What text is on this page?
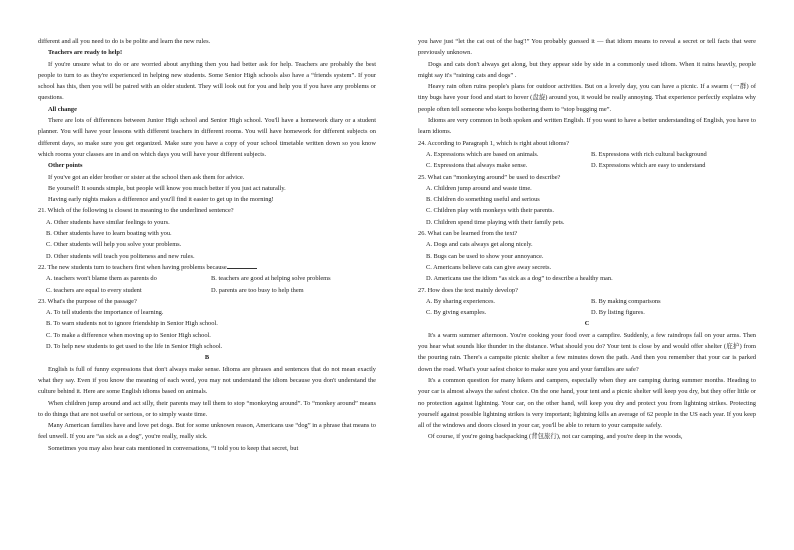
different and all you need to do is be polite and learn the new rules.

Teachers are ready to help!

If you're unsure what to do or are worried about anything then you had better ask for help. Teachers are probably the best people to turn to as they're experienced in helping new students. Some Senior High schools also have a “friends system”. If your school has this, then you will be paired with an older student. They will look out for you and help you if you have any problems or questions.

All change

There are lots of differences between Junior High school and Senior High school. You'll have a homework diary or a student planner. You will have your lessons with different teachers in different rooms. You will have homework for different subjects on different days, so make sure you get organized. Make sure you have a copy of your school timetable written down so you know which rooms your classes are in and on which days you will have your different subjects.

Other points

If you've got an elder brother or sister at the school then ask them for advice.

Be yourself! It sounds simple, but people will know you much better if you just act naturally.

Having early nights makes a difference and you'll find it easier to get up in the morning!

21. Which of the following is closest in meaning to the underlined sentence?

A. Other students have similar feelings to yours.

B. Other students have to learn boating with you.

C. Other students will help you solve your problems.

D. Other students will teach you politeness and new rules.

22. The new students turn to teachers first when having problems because

A. teachers won't blame them as parents do	B. teachers are good at helping solve problems
C. teachers are equal to every student	D. parents are too busy to help them

23. What's the purpose of the passage?

A. To tell students the importance of learning.

B. To warn students not to ignore friendship in Senior High school.

C. To make a difference when moving up to Senior High school.

D. To help new students to get used to the life in Senior High school.

B

English is full of funny expressions that don't always make sense. Idioms are phrases and sentences that do not mean exactly what they say. Even if you know the meaning of each word, you may not understand the idiom because you don't understand the culture behind it. Here are some English idioms based on animals.

When children jump around and act silly, their parents may tell them to stop “monkeying around”. To “monkey around” means to do things that are not useful or serious, or to simply waste time.

Many American families have and love pet dogs. But for some unknown reason, Americans use “dog” in a phrase that means to feel unwell. If you are “as sick as a dog”, you're really, really sick.

Sometimes you may also hear cats mentioned in conversations, “I told you to keep that secret, but

you have just “let the cat out of the bag'!” You probably guessed it — that idiom means to reveal a secret or tell facts that were previously unknown.

Dogs and cats don't always get along, but they appear side by side in a commonly used idiom. When it rains heavily, people might say it's “raining cats and dogs” .

Heavy rain often ruins people's plans for outdoor activities. But on a lovely day, you can have a picnic. If a swarm (一群) of tiny bugs have your food and start to hover (盘旋) around you, it would be really annoying. That experience perfectly explains why people often tell someone who keeps bothering them to “stop bugging me”.

Idioms are very common in both spoken and written English. If you want to have a better understanding of English, you have to learn idioms.

24. According to Paragraph 1, which is right about idioms?

A. Expressions which are based on animals.	B. Expressions with rich cultural background
C. Expressions that always make sense.	D. Expressions which are easy to understand

25. What can “monkeying around” be used to describe?

A. Children jump around and waste time.

B. Children do something useful and serious

C. Children play with monkeys with their parents.

D. Children spend time playing with their family pets.

26. What can be learned from the text?

A. Dogs and cats always get along nicely.

B. Bugs can be used to show your annoyance.

C. Americans believe cats can give away secrets.

D. Americans use the idiom “as sick as a dog” to describe a healthy man.

27. How does the text mainly develop?

A. By sharing experiences.	B. By making comparisons
C. By giving examples.	D. By listing figures.

C

It's a warm summer afternoon. You're cooking your food over a campfire. Suddenly, a few raindrops fall on your arms. Then you hear what sounds like thunder in the distance. What should you do? Your tent is close by and would offer shelter (庇护) from the pouring rain. There's a campsite picnic shelter a few minutes down the path. And then you remember that your car is parked down the road. What's your safest choice to make sure you and your families are safe?

It's a common question for many hikers and campers, especially when they are camping during summer months. Heading to your car is almost always the safest choice. On the one hand, your tent and a picnic shelter will keep you dry, but they offer little or no protection against lightning. Your car, on the other hand, will keep you dry and protect you from lightning strikes. Protecting yourself against possible lightning strikes is very important; lightning kills an average of 62 people in the US each year. If you keep all of the windows and doors closed in your car, you'll be able to return to your campsite safely.

Of course, if you're going backpacking (背包旅行), not car camping, and you're deep in the woods,
